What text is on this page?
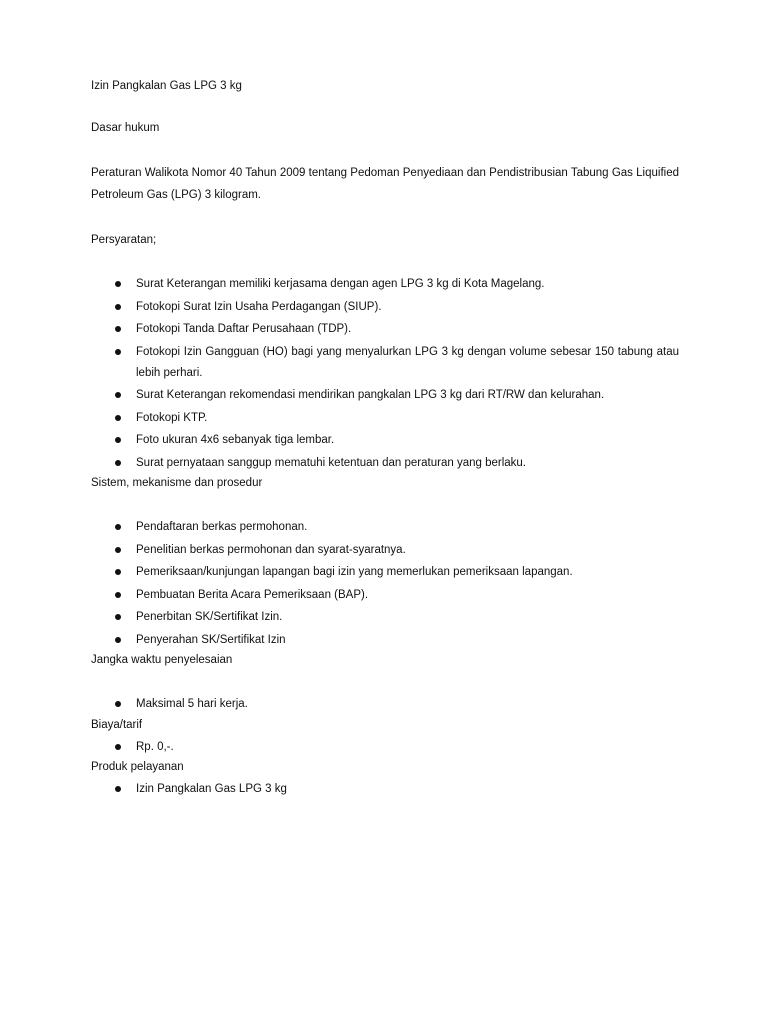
Izin Pangkalan Gas LPG 3 kg
Dasar hukum
Peraturan Walikota Nomor 40 Tahun 2009 tentang Pedoman Penyediaan dan Pendistribusian Tabung Gas Liquified Petroleum Gas (LPG) 3 kilogram.
Persyaratan;
Surat Keterangan memiliki kerjasama dengan agen LPG 3 kg di Kota Magelang.
Fotokopi Surat Izin Usaha Perdagangan (SIUP).
Fotokopi Tanda Daftar Perusahaan (TDP).
Fotokopi Izin Gangguan (HO) bagi yang menyalurkan LPG 3 kg dengan volume sebesar 150 tabung atau lebih perhari.
Surat Keterangan rekomendasi mendirikan pangkalan LPG 3 kg dari RT/RW dan kelurahan.
Fotokopi KTP.
Foto ukuran 4x6 sebanyak tiga lembar.
Surat pernyataan sanggup mematuhi ketentuan dan peraturan yang berlaku.
Sistem, mekanisme dan prosedur
Pendaftaran berkas permohonan.
Penelitian berkas permohonan dan syarat-syaratnya.
Pemeriksaan/kunjungan lapangan bagi izin yang memerlukan pemeriksaan lapangan.
Pembuatan Berita Acara Pemeriksaan (BAP).
Penerbitan SK/Sertifikat Izin.
Penyerahan SK/Sertifikat Izin
Jangka waktu penyelesaian
Maksimal 5 hari kerja.
Biaya/tarif
Rp. 0,-.
Produk pelayanan
Izin Pangkalan Gas LPG 3 kg
